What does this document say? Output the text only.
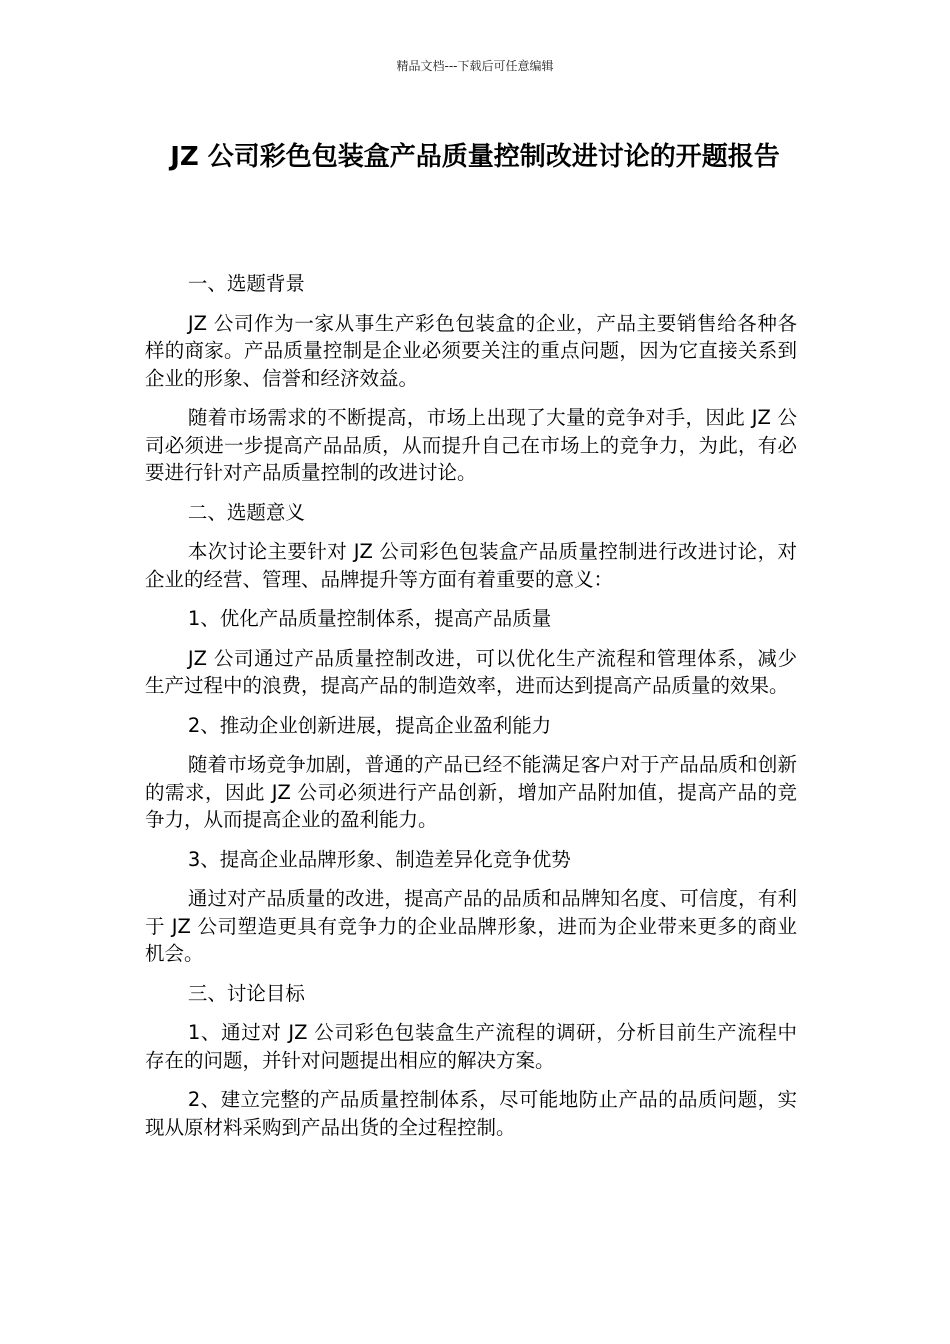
精品文档---下载后可任意编辑
JZ 公司彩色包装盒产品质量控制改进讨论的开题报告

一、选题背景

JZ 公司作为一家从事生产彩色包装盒的企业，产品主要销售给各种各样的商家。产品质量控制是企业必须要关注的重点问题，因为它直接关系到企业的形象、信誉和经济效益。

随着市场需求的不断提高，市场上出现了大量的竞争对手，因此 JZ 公司必须进一步提高产品品质，从而提升自己在市场上的竞争力，为此，有必要进行针对产品质量控制的改进讨论。

二、选题意义

本次讨论主要针对 JZ 公司彩色包装盒产品质量控制进行改进讨论，对企业的经营、管理、品牌提升等方面有着重要的意义：

1、优化产品质量控制体系，提高产品质量

JZ 公司通过产品质量控制改进，可以优化生产流程和管理体系，减少生产过程中的浪费，提高产品的制造效率，进而达到提高产品质量的效果。

2、推动企业创新进展，提高企业盈利能力

随着市场竞争加剧，普通的产品已经不能满足客户对于产品品质和创新的需求，因此 JZ 公司必须进行产品创新，增加产品附加值，提高产品的竞争力，从而提高企业的盈利能力。

3、提高企业品牌形象、制造差异化竞争优势

通过对产品质量的改进，提高产品的品质和品牌知名度、可信度，有利于 JZ 公司塑造更具有竞争力的企业品牌形象，进而为企业带来更多的商业机会。

三、讨论目标

1、通过对 JZ 公司彩色包装盒生产流程的调研，分析目前生产流程中存在的问题，并针对问题提出相应的解决方案。

2、建立完整的产品质量控制体系，尽可能地防止产品的品质问题，实现从原材料采购到产品出货的全过程控制。
